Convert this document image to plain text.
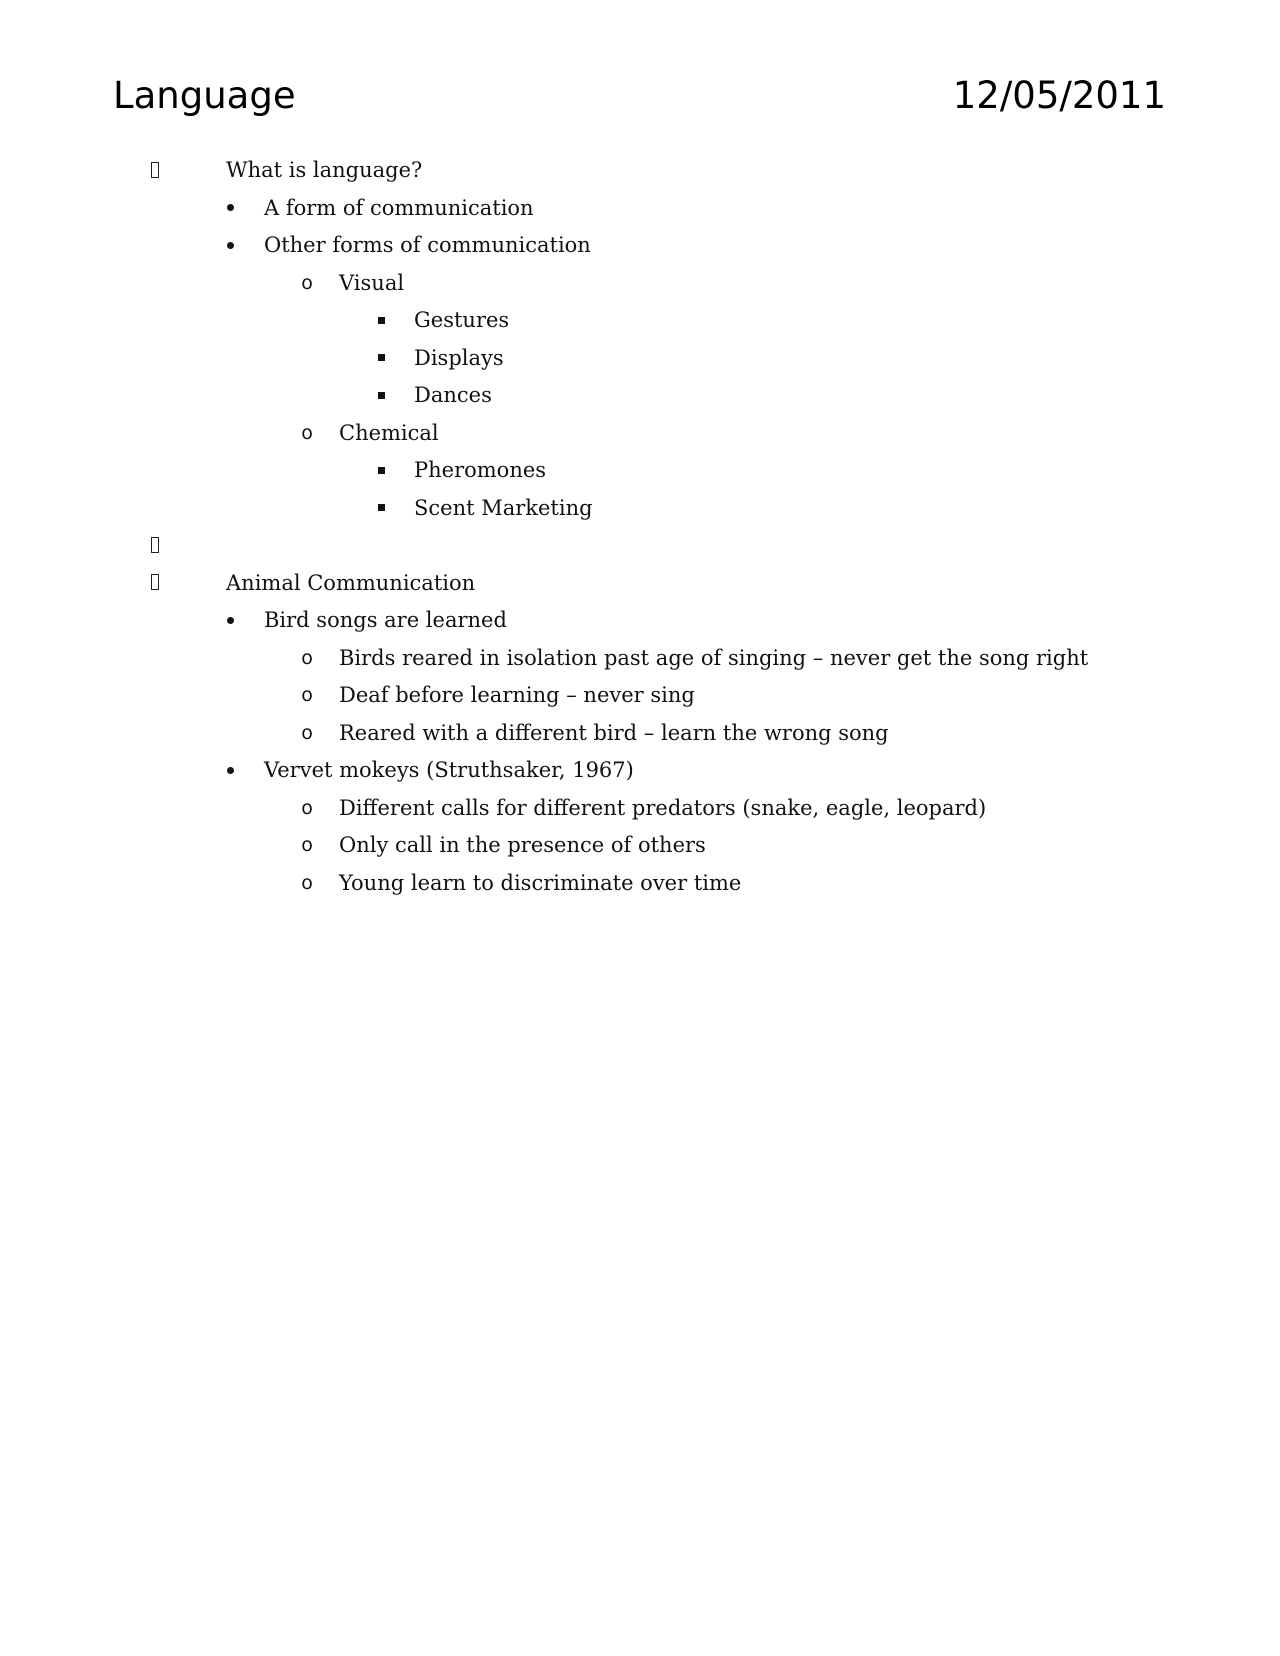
Language	12/05/2011
What is language?
A form of communication
Other forms of communication
o Visual
Gestures
Displays
Dances
o Chemical
Pheromones
Scent Marketing
Animal Communication
Bird songs are learned
o Birds reared in isolation past age of singing – never get the song right
o Deaf before learning – never sing
o Reared with a different bird – learn the wrong song
Vervet mokeys (Struthsaker, 1967)
o Different calls for different predators (snake, eagle, leopard)
o Only call in the presence of others
o Young learn to discriminate over time
